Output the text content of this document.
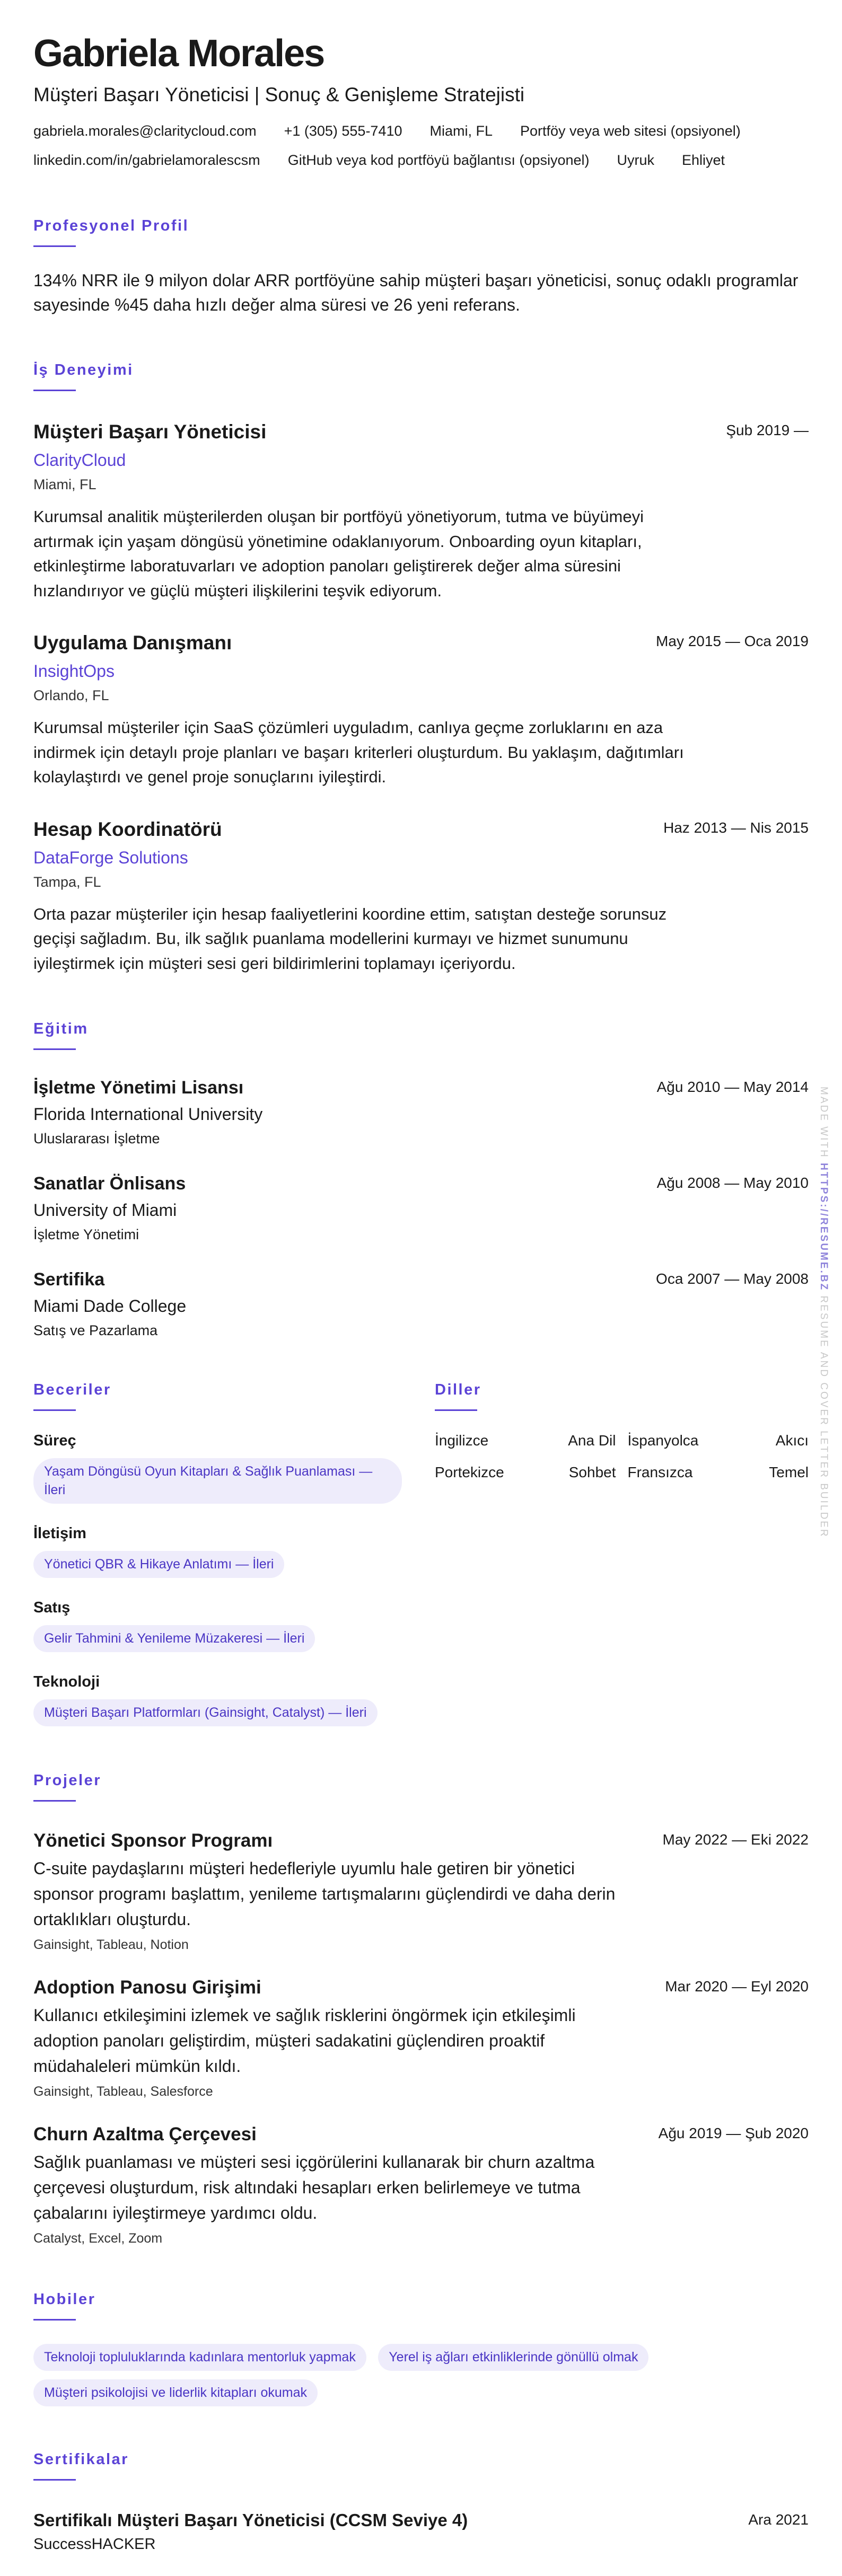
Gabriela Morales
Müşteri Başarı Yöneticisi | Sonuç & Genişleme Stratejisti
gabriela.morales@claritycloud.com +1 (305) 555-7410 Miami, FL Portföy veya web sitesi (opsiyonel)
linkedin.com/in/gabrielamoralescsm GitHub veya kod portföyü bağlantısı (opsiyonel) Uyruk Ehliyet
Profesyonel Profil
134% NRR ile 9 milyon dolar ARR portföyüne sahip müşteri başarı yöneticisi, sonuç odaklı programlar sayesinde %45 daha hızlı değer alma süresi ve 26 yeni referans.
İş Deneyimi
Şub 2019 —
Müşteri Başarı Yöneticisi
ClarityCloud
Miami, FL
Kurumsal analitik müşterilerden oluşan bir portföyü yönetiyorum, tutma ve büyümeyi artırmak için yaşam döngüsü yönetimine odaklanıyorum. Onboarding oyun kitapları, etkinleştirme laboratuvarları ve adoption panoları geliştirerek değer alma süresini hızlandırıyor ve güçlü müşteri ilişkilerini teşvik ediyorum.
May 2015 — Oca 2019
Uygulama Danışmanı
InsightOps
Orlando, FL
Kurumsal müşteriler için SaaS çözümleri uyguladım, canlıya geçme zorluklarını en aza indirmek için detaylı proje planları ve başarı kriterleri oluşturdum. Bu yaklaşım, dağıtımları kolaylaştırdı ve genel proje sonuçlarını iyileştirdi.
Haz 2013 — Nis 2015
Hesap Koordinatörü
DataForge Solutions
Tampa, FL
Orta pazar müşteriler için hesap faaliyetlerini koordine ettim, satıştan desteğe sorunsuz geçişi sağladım. Bu, ilk sağlık puanlama modellerini kurmayı ve hizmet sunumunu iyileştirmek için müşteri sesi geri bildirimlerini toplamayı içeriyordu.
Eğitim
Ağu 2010 — May 2014
İşletme Yönetimi Lisansı
Florida International University
Uluslararası İşletme
Ağu 2008 — May 2010
Sanatlar Önlisans
University of Miami
İşletme Yönetimi
Oca 2007 — May 2008
Sertifika
Miami Dade College
Satış ve Pazarlama
Beceriler
Süreç
Yaşam Döngüsü Oyun Kitapları & Sağlık Puanlaması — İleri
İletişim
Yönetici QBR & Hikaye Anlatımı — İleri
Satış
Gelir Tahmini & Yenileme Müzakeresi — İleri
Teknoloji
Müşteri Başarı Platformları (Gainsight, Catalyst) — İleri
Diller
İngilizce	Ana Dil İspanyolca	Akıcı
Portekizce	Sohbet Fransızca	Temel
Projeler
May 2022 — Eki 2022
Yönetici Sponsor Programı
C-suite paydaşlarını müşteri hedefleriyle uyumlu hale getiren bir yönetici sponsor programı başlattım, yenileme tartışmalarını güçlendirdi ve daha derin ortaklıkları oluşturdu.
Gainsight, Tableau, Notion
Mar 2020 — Eyl 2020
Adoption Panosu Girişimi
Kullanıcı etkileşimini izlemek ve sağlık risklerini öngörmek için etkileşimli adoption panoları geliştirdim, müşteri sadakatini güçlendiren proaktif müdahaleleri mümkün kıldı.
Gainsight, Tableau, Salesforce
Ağu 2019 — Şub 2020
Churn Azaltma Çerçevesi
Sağlık puanlaması ve müşteri sesi içgörülerini kullanarak bir churn azaltma çerçevesi oluşturdum, risk altındaki hesapları erken belirlemeye ve tutma çabalarını iyileştirmeye yardımcı oldu.
Catalyst, Excel, Zoom
Hobiler
Teknoloji topluluklarında kadınlara mentorluk yapmak Yerel iş ağları etkinliklerinde gönüllü olmak Müşteri psikolojisi ve liderlik kitapları okumak
Sertifikalar
Ara 2021
Sertifikalı Müşteri Başarı Yöneticisi (CCSM Seviye 4)
SuccessHACKER
MADE WITH HTTPS://RESUME.BZ RESUME AND COVER LETTER BUILDER
